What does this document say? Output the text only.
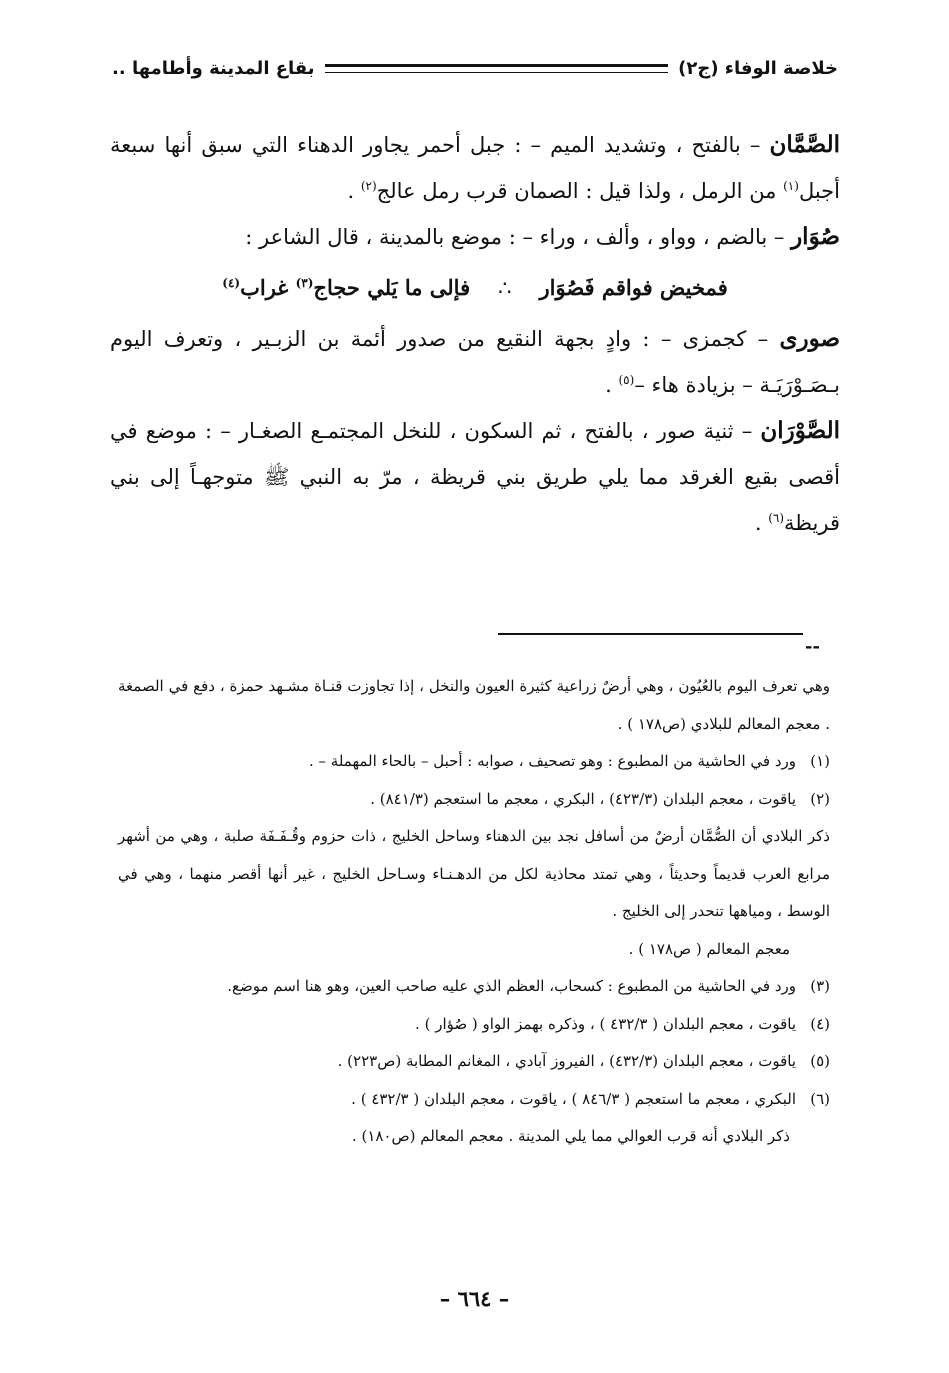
خلاصة الوفاء (ج٢)
بقاع المدينة وأطامها ..

الصَّمَّان – بالفتح ، وتشديد الميم – : جبل أحمر يجاور الدهناء التي سبق أنها سبعة أجبل$^{(١)}$ من الرمل ، ولذا قيل : الصمان قرب رمل عالج$^{(٢)}$ .

صُوَار – بالضم ، وواو ، وألف ، وراء – : موضع بالمدينة ، قال الشاعر :

فمخيض فواقم فَصُوَار
∴
فإلى ما يَلي حجاج$^{(٣)}$ غراب$^{(٤)}$

صورى – كجمزى – : وادٍ بجهة النقيع من صدور أئمة بن الزبـير ، وتعرف اليوم بـصَـوْرَيَـة – بزيادة هاء –$^{(٥)}$ .

الصَّوْرَان – ثنية صور ، بالفتح ، ثم السكون ، للنخل المجتمـع الصغـار – : موضع في أقصى بقيع الغرقد مما يلي طريق بني قريظة ، مرّ به النبي ﷺ متوجهـاً إلى بني قريظة$^{(٦)}$ .

--

وهي تعرف اليوم بالعُيُون ، وهي أرضٌ زراعية كثيرة العيون والنخل ، إذا تجاوزت قنـاة مشـهد حمزة ، دفع في الصمغة . معجم المعالم للبلادي (ص١٧٨ ) .

(١)ورد في الحاشية من المطبوع : وهو تصحيف ، صوابه : أحبل – بالحاء المهملة – .

(٢)ياقوت ، معجم البلدان (٤٢٣/٣) ، البكري ، معجم ما استعجم (٨٤١/٣) .

ذكر البلادي أن الصُّمَّان أرضٌ من أسافل نجد بين الدهناء وساحل الخليج ، ذات حزوم وقُـفَـفَة صلبة ، وهي من أشهر مرابع العرب قديماً وحديثاً ، وهي تمتد محاذية لكل من الدهـنـاء وسـاحل الخليج ، غير أنها أقصر منهما ، وهي في الوسط ، ومياهها تنحدر إلى الخليج .

معجم المعالم ( ص١٧٨ ) .

(٣)ورد في الحاشية من المطبوع : كسحاب، العظم الذي عليه صاحب العين، وهو هنا اسم موضع.

(٤)ياقوت ، معجم البلدان ( ٤٣٢/٣ ) ، وذكره بهمز الواو ( صُؤار ) .

(٥)ياقوت ، معجم البلدان (٤٣٢/٣) ، الفيروز آبادي ، المغانم المطابة (ص٢٢٣) .

(٦)البكري ، معجم ما استعجم ( ٨٤٦/٣ ) ، ياقوت ، معجم البلدان ( ٤٣٢/٣ ) .

ذكر البلادي أنه قرب العوالي مما يلي المدينة . معجم المعالم (ص١٨٠) .

– ٦٦٤ –
